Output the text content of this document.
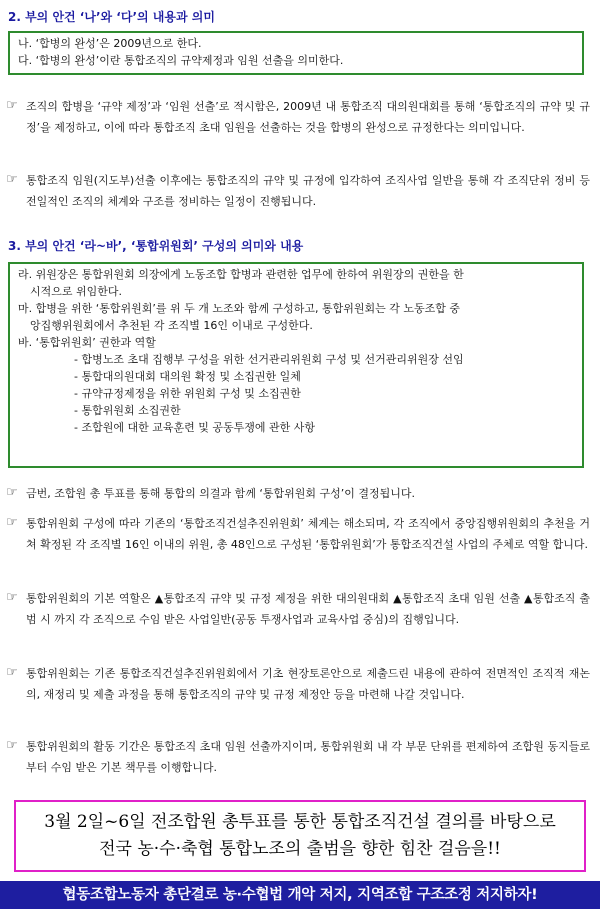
2. 부의 안건 ‘나’와 ‘다’의 내용과 의미
나. ‘합병의 완성’은 2009년으로 한다.
다. ‘합병의 완성’이란 통합조직의 규약제정과 임원 선출을 의미한다.
☞ 조직의 합병을 ‘규약 제정’과 ‘임원 선출’로 적시함은, 2009년 내 통합조직 대의원대회를 통해 ‘통합조직의 규약 및 규정’을 제정하고, 이에 따라 통합조직 초대 임원을 선출하는 것을 합병의 완성으로 규정한다는 의미입니다.
☞ 통합조직 임원(지도부)선출 이후에는 통합조직의 규약 및 규정에 입각하여 조직사업 일반을 통해 각 조직단위 정비 등 전일적인 조직의 체계와 구조를 정비하는 일정이 진행됩니다.
3. 부의 안건 ‘라~바’, ‘통합위원회’ 구성의 의미와 내용
라. 위원장은 통합위원회 의장에게 노동조합 합병과 관련한 업무에 한하여 위원장의 권한을 한
시적으로 위임한다.
마. 합병을 위한 ‘통합위원회’를 위 두 개 노조와 함께 구성하고, 통합위원회는 각 노동조합 중
앙집행위원회에서 추천된 각 조직별 16인 이내로 구성한다.
바. ‘통합위원회’ 권한과 역할
- 합병노조 초대 집행부 구성을 위한 선거관리위원회 구성 및 선거관리위원장 선임
- 통합대의원대회 대의원 확정 및 소집권한 일체
- 규약규정제정을 위한 위원회 구성 및 소집권한
- 통합위원회 소집권한
- 조합원에 대한 교육훈련 및 공동투쟁에 관한 사항
☞ 금번, 조합원 총 투표를 통해 통합의 의결과 함께 ‘통합위원회 구성’이 결정됩니다.
☞ 통합위원회 구성에 따라 기존의 ‘통합조직건설추진위원회’ 체계는 해소되며, 각 조직에서 중앙집행위원회의 추천을 거쳐 확정된 각 조직별 16인 이내의 위원, 총 48인으로 구성된 ‘통합위원회’가 통합조직건설 사업의 주체로 역할 합니다.
☞ 통합위원회의 기본 역할은 ▲통합조직 규약 및 규정 제정을 위한 대의원대회 ▲통합조직 초대 임원 선출 ▲통합조직 출범 시 까지 각 조직으로 수임 받은 사업일반(공동 투쟁사업과 교육사업 중심)의 집행입니다.
☞ 통합위원회는 기존 통합조직건설추진위원회에서 기초 현장토론안으로 제출드린 내용에 관하여 전면적인 조직적 재논의, 재정리 및 제출 과정을 통해 통합조직의 규약 및 규정 제정안 등을 마련해 나갈 것입니다.
☞ 통합위원회의 활동 기간은 통합조직 초대 임원 선출까지이며, 통합위원회 내 각 부문 단위를 편제하여 조합원 동지들로부터 수임 받은 기본 책무를 이행합니다.
3월 2일~6일 전조합원 총투표를 통한 통합조직건설 결의를 바탕으로
전국 농·수·축협 통합노조의 출범을 향한 힘찬 걸음을!!
협동조합노동자 총단결로 농·수협법 개악 저지, 지역조합 구조조정 저지하자!
